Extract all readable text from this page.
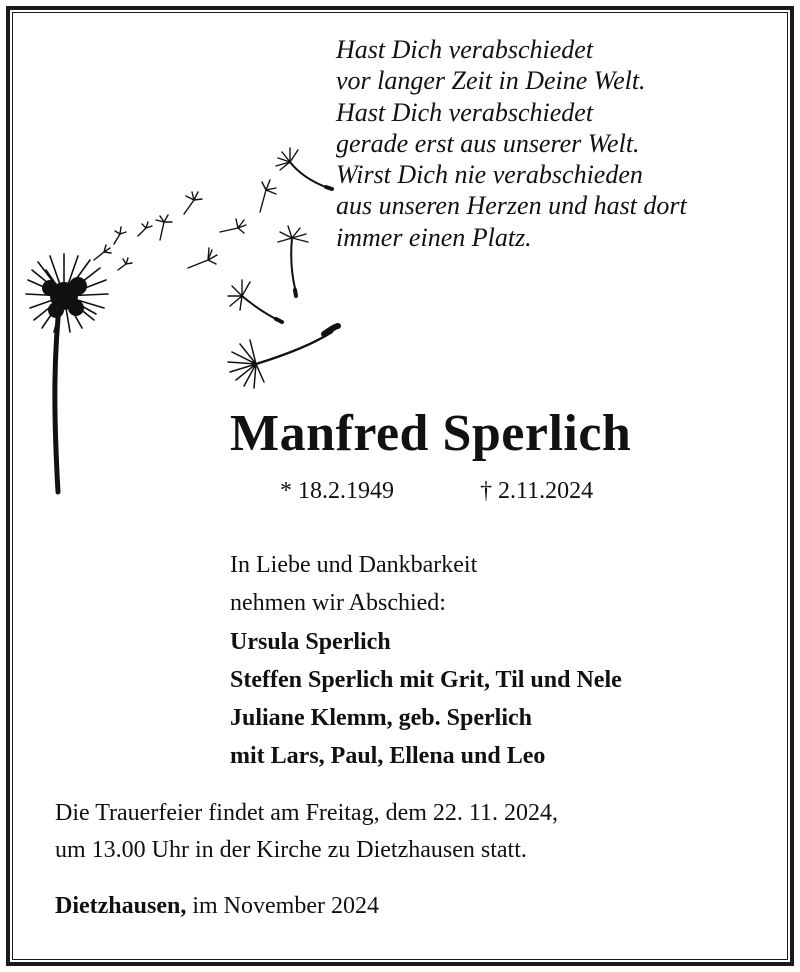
Hast Dich verabschiedet
vor langer Zeit in Deine Welt.
Hast Dich verabschiedet
gerade erst aus unserer Welt.
Wirst Dich nie verabschieden
aus unseren Herzen und hast dort
immer einen Platz.
Manfred Sperlich
* 18.2.1949	† 2.11.2024
In Liebe und Dankbarkeit
nehmen wir Abschied:
Ursula Sperlich
Steffen Sperlich mit Grit, Til und Nele
Juliane Klemm, geb. Sperlich
mit Lars, Paul, Ellena und Leo
Die Trauerfeier findet am Freitag, dem 22. 11. 2024,
um 13.00 Uhr in der Kirche zu Dietzhausen statt.
Dietzhausen, im November 2024
